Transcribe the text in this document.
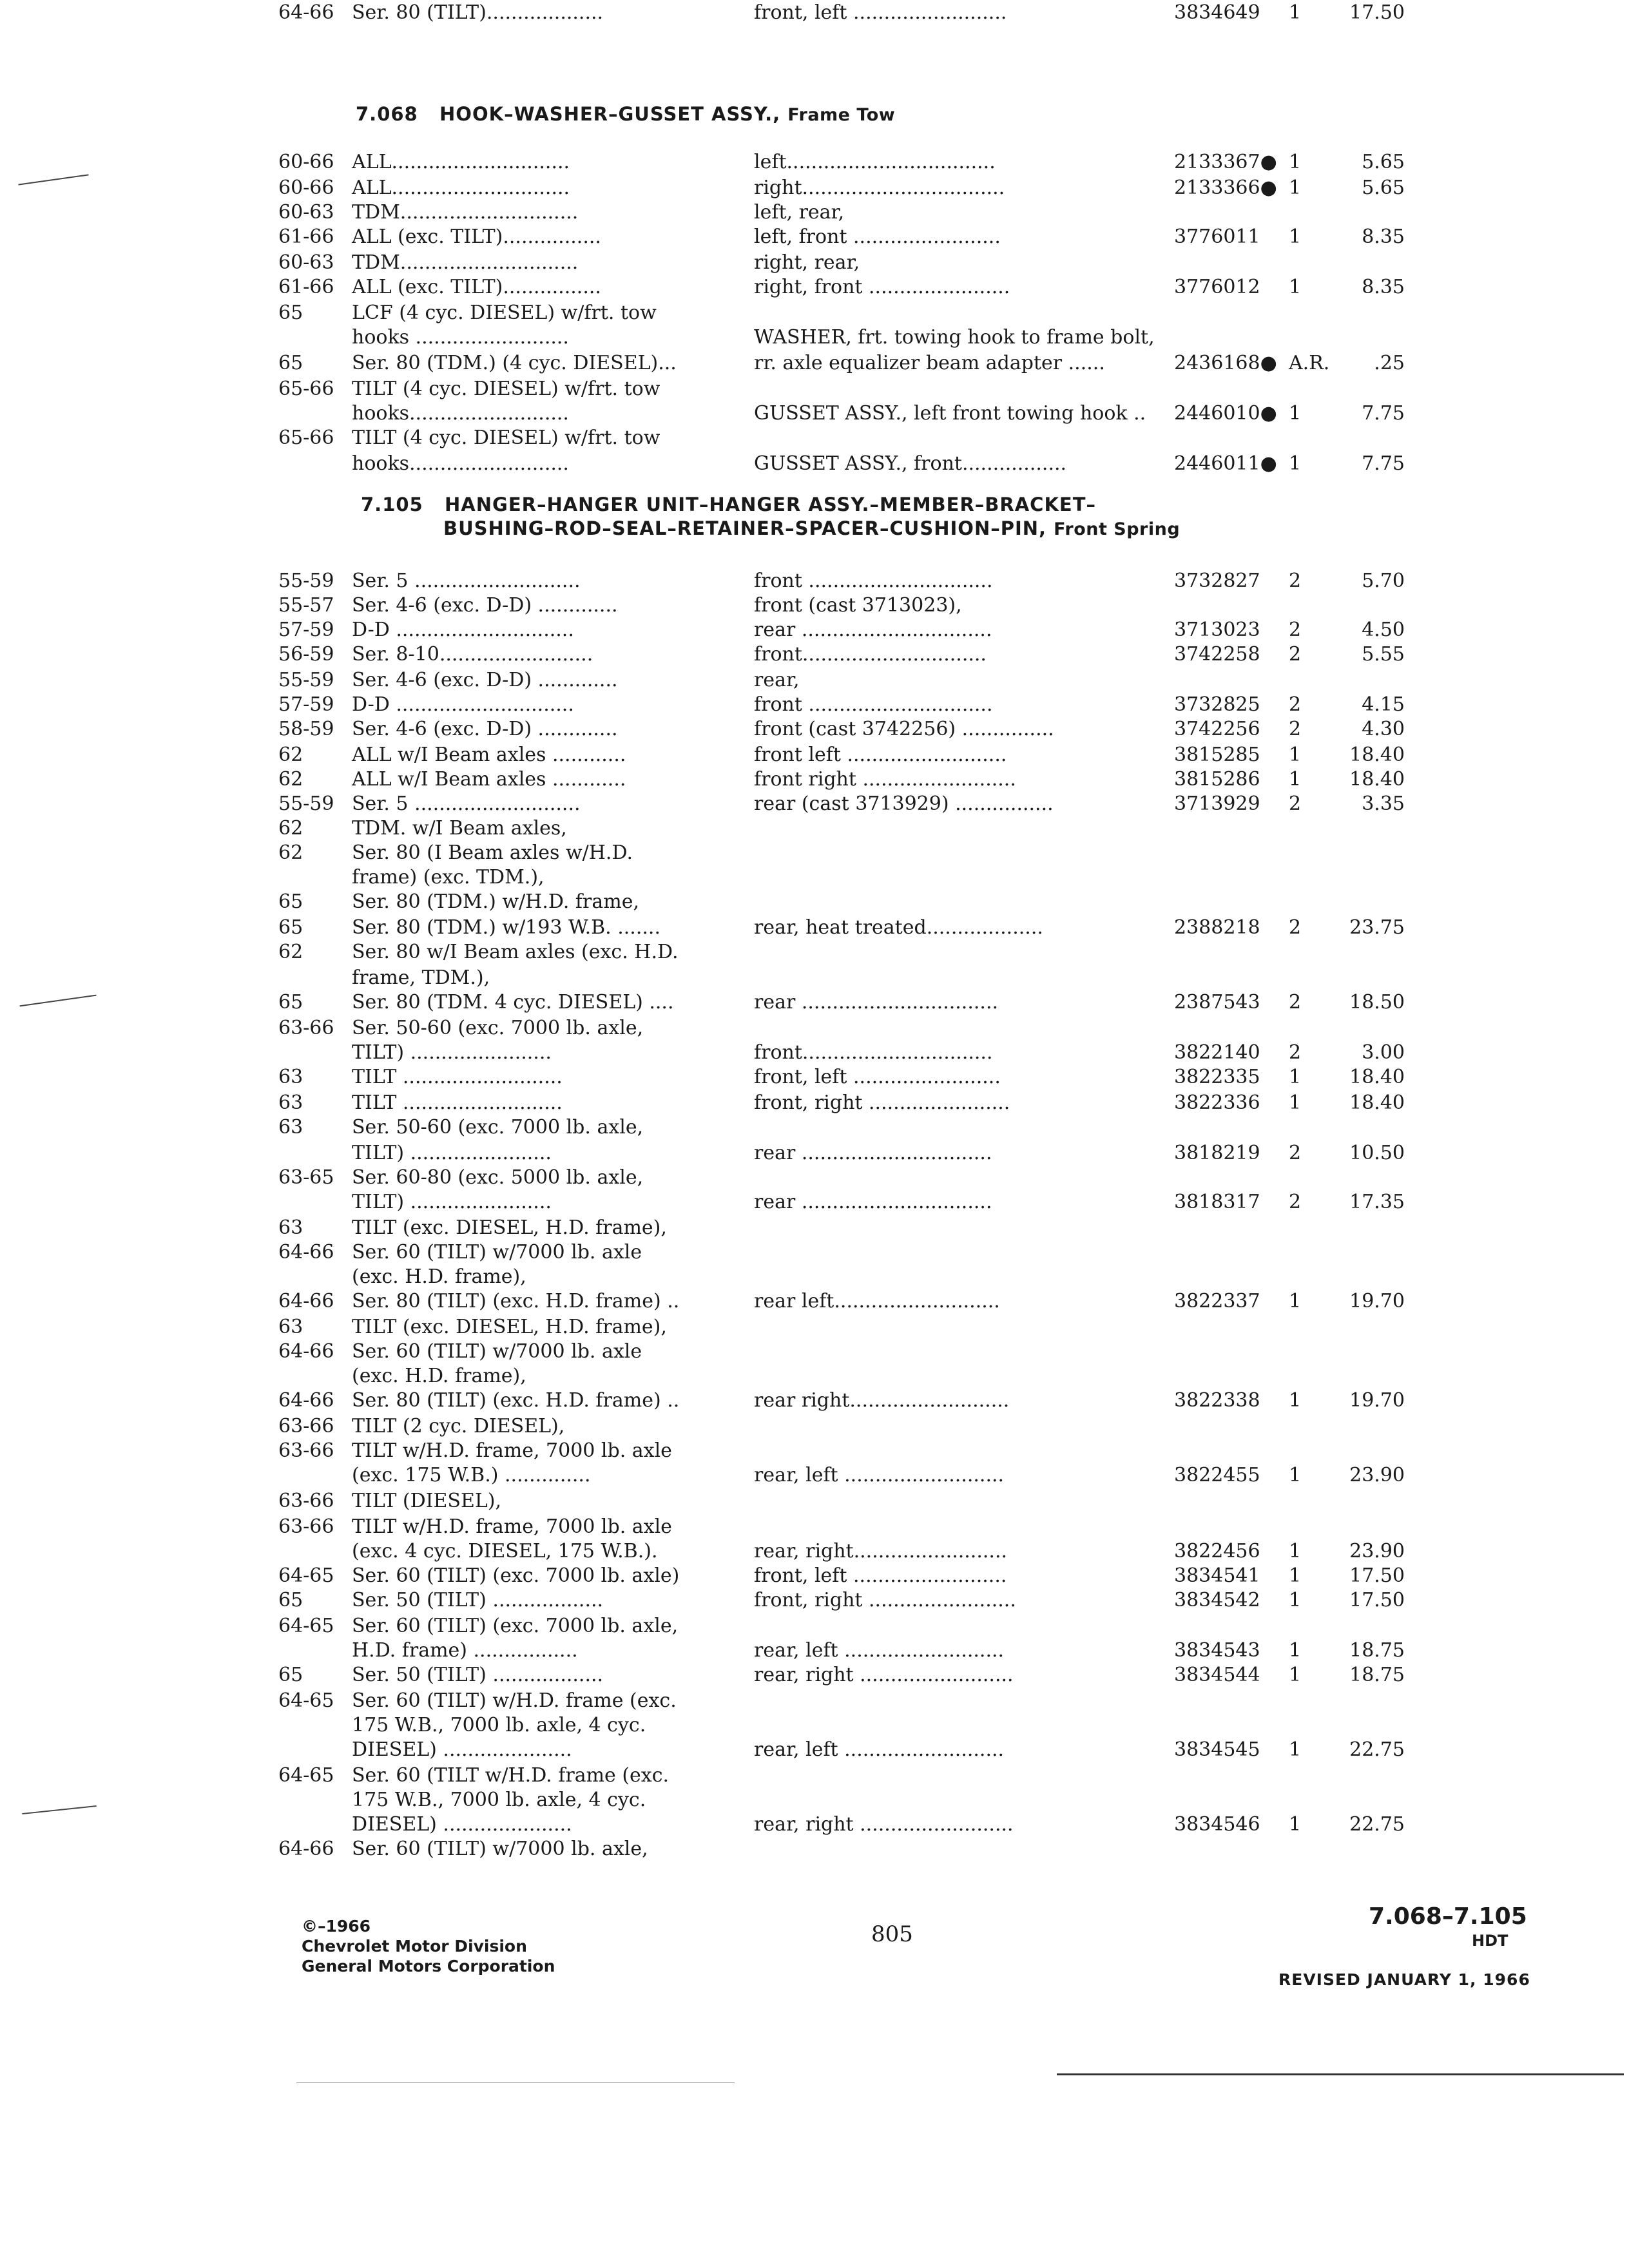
7.068 HOOK–WASHER–GUSSET ASSY., Frame Tow
60-66 ALL.............................	left..................................	2133367● 1	5.65
60-66 ALL.............................	right.................................	2133366● 1	5.65
60-63 TDM.............................	left, rear,
61-66 ALL (exc. TILT)................	left, front ........................	3776011 1	8.35
60-63 TDM.............................	right, rear,
61-66 ALL (exc. TILT)................	right, front .......................	3776012 1	8.35
65	LCF (4 cyc. DIESEL) w/frt. tow
hooks .........................	WASHER, frt. towing hook to frame bolt,
65	Ser. 80 (TDM.) (4 cyc. DIESEL)...	rr. axle equalizer beam adapter ......	2436168● A.R.	.25
65-66 TILT (4 cyc. DIESEL) w/frt. tow
hooks..........................	GUSSET ASSY., left front towing hook .. 2446010● 1	7.75
65-66 TILT (4 cyc. DIESEL) w/frt. tow
hooks..........................	GUSSET ASSY., front.................	2446011● 1	7.75
7.105 HANGER–HANGER UNIT–HANGER ASSY.–MEMBER–BRACKET–
BUSHING–ROD–SEAL–RETAINER–SPACER–CUSHION–PIN, Front Spring
55-59 Ser. 5 ...........................	front ..............................	3732827 2	5.70
55-57 Ser. 4-6 (exc. D-D) .............	front (cast 3713023),
57-59 D-D .............................	rear ...............................	3713023 2	4.50
56-59 Ser. 8-10.........................	front..............................	3742258 2	5.55
55-59 Ser. 4-6 (exc. D-D) .............	rear,
57-59 D-D .............................	front ..............................	3732825 2	4.15
58-59 Ser. 4-6 (exc. D-D) .............	front (cast 3742256) ...............	3742256 2	4.30
62	ALL w/I Beam axles ............	front left ..........................	3815285 1	18.40
62	ALL w/I Beam axles ............	front right .........................	3815286 1	18.40
55-59 Ser. 5 ...........................	rear (cast 3713929) ................	3713929 2	3.35
62	TDM. w/I Beam axles,
62	Ser. 80 (I Beam axles w/H.D.
frame) (exc. TDM.),
65	Ser. 80 (TDM.) w/H.D. frame,
65	Ser. 80 (TDM.) w/193 W.B. .......	rear, heat treated...................	2388218 2	23.75
62	Ser. 80 w/I Beam axles (exc. H.D.
frame, TDM.),
65	Ser. 80 (TDM. 4 cyc. DIESEL) ....	rear ................................	2387543 2	18.50
63-66 Ser. 50-60 (exc. 7000 lb. axle,
TILT) .......................	front...............................	3822140 2	3.00
63	TILT ..........................	front, left ........................	3822335 1	18.40
63	TILT ..........................	front, right .......................	3822336 1	18.40
63	Ser. 50-60 (exc. 7000 lb. axle,
TILT) .......................	rear ...............................	3818219 2	10.50
63-65 Ser. 60-80 (exc. 5000 lb. axle,
TILT) .......................	rear ...............................	3818317 2	17.35
63	TILT (exc. DIESEL, H.D. frame),
64-66 Ser. 60 (TILT) w/7000 lb. axle
(exc. H.D. frame),
64-66 Ser. 80 (TILT) (exc. H.D. frame) ..	rear left...........................	3822337 1	19.70
63	TILT (exc. DIESEL, H.D. frame),
64-66 Ser. 60 (TILT) w/7000 lb. axle
(exc. H.D. frame),
64-66 Ser. 80 (TILT) (exc. H.D. frame) ..	rear right..........................	3822338 1	19.70
63-66 TILT (2 cyc. DIESEL),
63-66 TILT w/H.D. frame, 7000 lb. axle
(exc. 175 W.B.) ..............	rear, left ..........................	3822455 1	23.90
63-66 TILT (DIESEL),
63-66 TILT w/H.D. frame, 7000 lb. axle
(exc. 4 cyc. DIESEL, 175 W.B.).	rear, right.........................	3822456 1	23.90
64-65 Ser. 60 (TILT) (exc. 7000 lb. axle)	front, left .........................	3834541 1	17.50
65	Ser. 50 (TILT) ..................	front, right ........................	3834542 1	17.50
64-65 Ser. 60 (TILT) (exc. 7000 lb. axle,
H.D. frame) .................	rear, left ..........................	3834543 1	18.75
65	Ser. 50 (TILT) ..................	rear, right .........................	3834544 1	18.75
64-65 Ser. 60 (TILT) w/H.D. frame (exc.
175 W.B., 7000 lb. axle, 4 cyc.
DIESEL) .....................	rear, left ..........................	3834545 1	22.75
64-65 Ser. 60 (TILT w/H.D. frame (exc.
175 W.B., 7000 lb. axle, 4 cyc.
DIESEL) .....................	rear, right .........................	3834546 1	22.75
64-66 Ser. 60 (TILT) w/7000 lb. axle,
64-66 Ser. 80 (TILT)...................	front, left .........................	3834649 1	17.50
©–1966
Chevrolet Motor Division
General Motors Corporation
805
7.068–7.105
HDT
REVISED JANUARY 1, 1966
